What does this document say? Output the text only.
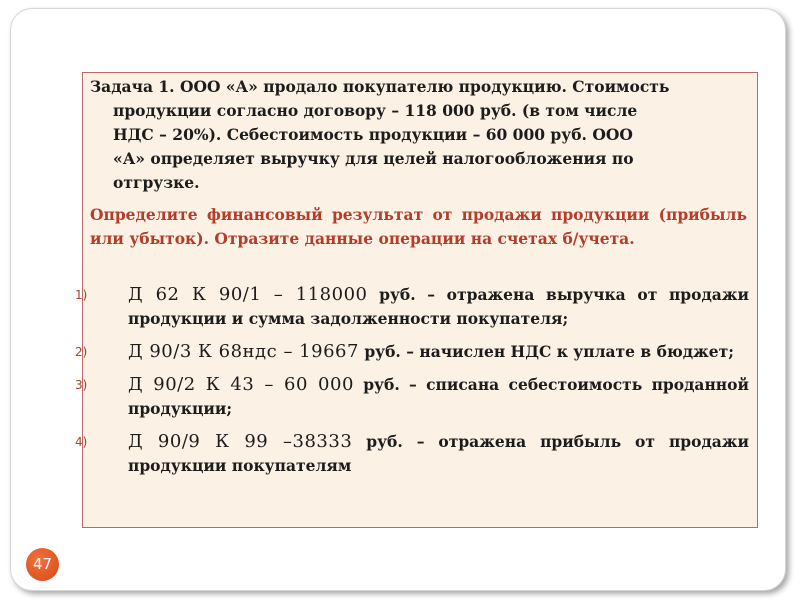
Задача 1. ООО «А» продало покупателю продукцию. Стоимость
продукции согласно договору – 118 000 руб. (в том числе
НДС – 20%). Себестоимость продукции – 60 000 руб. ООО
«А» определяет выручку для целей налогообложения по
отгрузке.

Определите финансовый результат от продажи продукции (прибыль или убыток). Отразите данные операции на счетах б/учета.

1) Д 62 К 90/1 – 118000 руб. – отражена выручка от продажи продукции и сумма задолженности покупателя;
2) Д 90/3 К 68ндс – 19667 руб. – начислен НДС к уплате в бюджет;
3) Д 90/2 К 43 – 60 000 руб. – списана себестоимость проданной продукции;
4) Д 90/9 К 99 –38333 руб. – отражена прибыль от продажи продукции покупателям
47
